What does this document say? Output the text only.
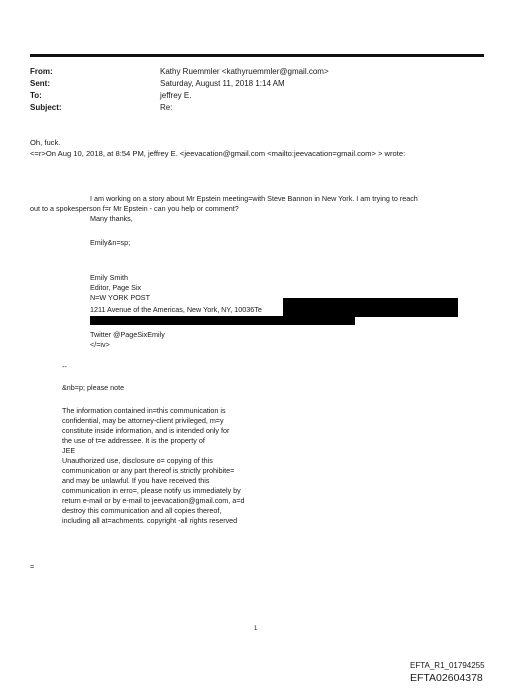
From:	Kathy Ruemmler <kathyruemmler@gmail.com>
Sent:	Saturday, August 11, 2018 1:14 AM
To:	jeffrey E.
Subject:	Re:
Oh, fuck.
<=r>On Aug 10, 2018, at 8:54 PM, jeffrey E. <jeevacation@gmail.com <mailto:jeevacation=gmail.com> > wrote:
I am working on a story about Mr Epstein meeting=with Steve Bannon in New York. I am trying to reach
out to a spokesperson f=r Mr Epstein - can you help or comment?
Many thanks,
Emily&n=sp;
Emily Smith
Editor, Page Six
N=W YORK POST
1211 Avenue of the Americas, New York, NY, 10036Te
Twitter @PageSixEmily
</=iv>
--
&nb=p; please note
The information contained in=this communication is
confidential, may be attorney-client privileged, m=y
constitute inside information, and is intended only for
the use of t=e addressee. It is the property of
JEE
Unauthorized use, disclosure o= copying of this
communication or any part thereof is strictly prohibite=
and may be unlawful. If you have received this
communication in erro=, please notify us immediately by
return e-mail or by e-mail to jeevacation@gmail.com, a=d
destroy this communication and all copies thereof,
including all at=achments. copyright -all rights reserved
=
1
EFTA_R1_01794255
EFTA02604378
